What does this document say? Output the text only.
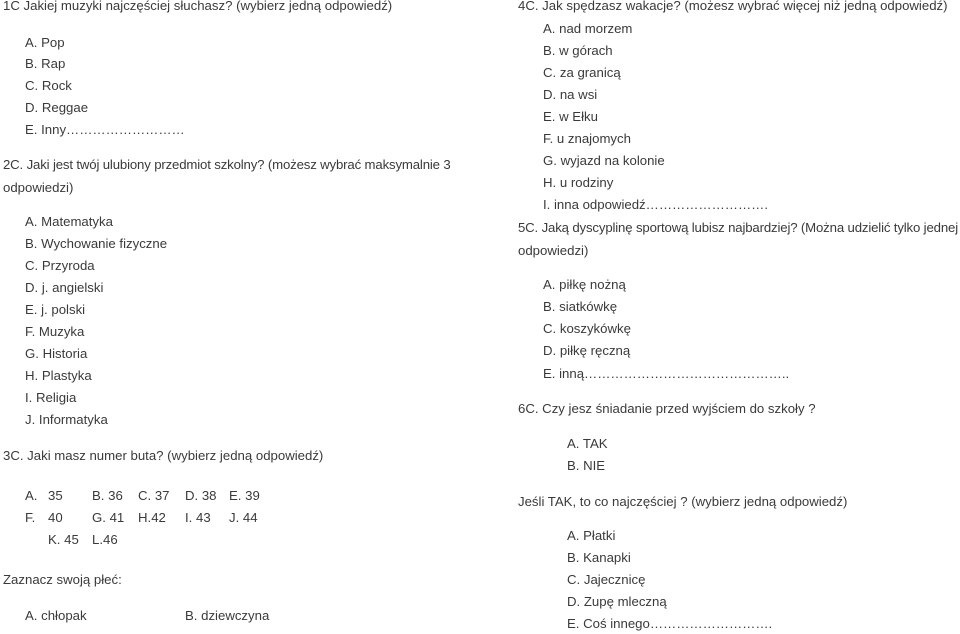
1C Jakiej muzyki najczęściej słuchasz? (wybierz jedną odpowiedź)
A. Pop
B. Rap
C. Rock
D. Reggae
E. Inny………………………
2C. Jaki jest twój ulubiony przedmiot szkolny? (możesz wybrać maksymalnie 3
odpowiedzi)
A. Matematyka
B. Wychowanie fizyczne
C. Przyroda
D. j. angielski
E. j. polski
F. Muzyka
G. Historia
H. Plastyka
I. Religia
J. Informatyka
3C. Jaki masz numer buta? (wybierz jedną odpowiedź)
A. 35 B. 36 C. 37 D. 38 E. 39
F. 40 G. 41 H.42 I. 43 J. 44
K. 45 L.46
Zaznacz swoją płeć:
A. chłopak	B. dziewczyna
4C. Jak spędzasz wakacje? (możesz wybrać więcej niż jedną odpowiedź)
A. nad morzem
B. w górach
C. za granicą
D. na wsi
E. w Ełku
F. u znajomych
G. wyjazd na kolonie
H. u rodziny
I. inna odpowiedź……………………….
5C. Jaką dyscyplinę sportową lubisz najbardziej? (Można udzielić tylko jednej
odpowiedzi)
A. piłkę nożną
B. siatkówkę
C. koszykówkę
D. piłkę ręczną
E. inną………………………………………..
6C. Czy jesz śniadanie przed wyjściem do szkoły ?
A. TAK
B. NIE
Jeśli TAK, to co najczęściej ? (wybierz jedną odpowiedź)
A. Płatki
B. Kanapki
C. Jajecznicę
D. Zupę mleczną
E. Coś innego……………………….
